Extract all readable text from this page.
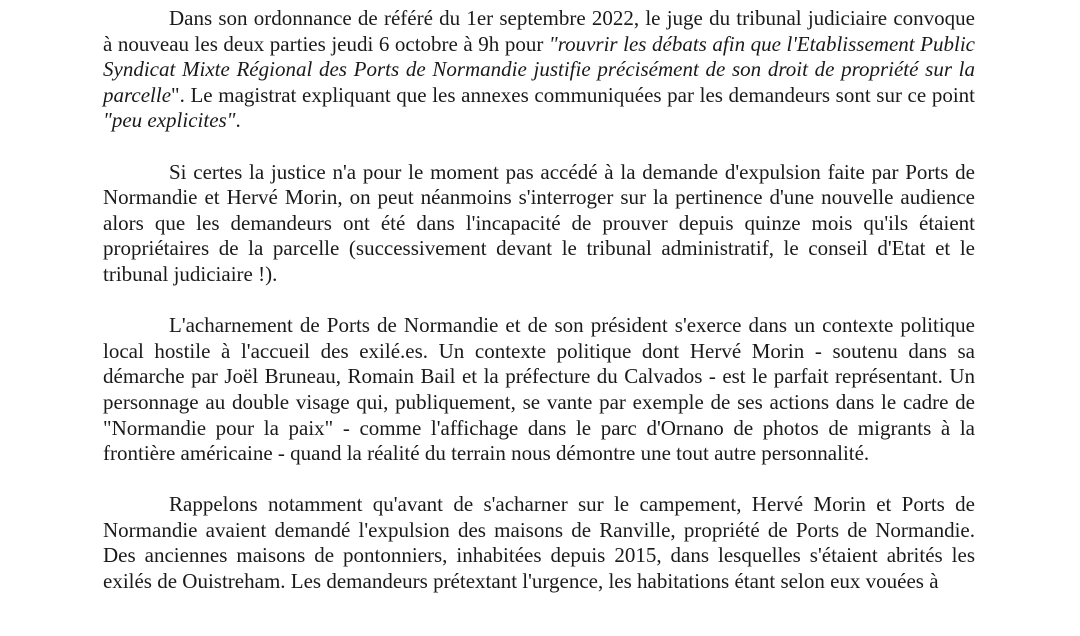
Dans son ordonnance de référé du 1er septembre 2022, le juge du tribunal judiciaire convoque à nouveau les deux parties jeudi 6 octobre à 9h pour "rouvrir les débats afin que l'Etablissement Public Syndicat Mixte Régional des Ports de Normandie justifie précisément de son droit de propriété sur la parcelle". Le magistrat expliquant que les annexes communiquées par les demandeurs sont sur ce point "peu explicites".

Si certes la justice n'a pour le moment pas accédé à la demande d'expulsion faite par Ports de Normandie et Hervé Morin, on peut néanmoins s'interroger sur la pertinence d'une nouvelle audience alors que les demandeurs ont été dans l'incapacité de prouver depuis quinze mois qu'ils étaient propriétaires de la parcelle (successivement devant le tribunal administratif, le conseil d'Etat et le tribunal judiciaire !).

L'acharnement de Ports de Normandie et de son président s'exerce dans un contexte politique local hostile à l'accueil des exilé.es. Un contexte politique dont Hervé Morin - soutenu dans sa démarche par Joël Bruneau, Romain Bail et la préfecture du Calvados - est le parfait représentant. Un personnage au double visage qui, publiquement, se vante par exemple de ses actions dans le cadre de "Normandie pour la paix" - comme l'affichage dans le parc d'Ornano de photos de migrants à la frontière américaine - quand la réalité du terrain nous démontre une tout autre personnalité.

Rappelons notamment qu'avant de s'acharner sur le campement, Hervé Morin et Ports de Normandie avaient demandé l'expulsion des maisons de Ranville, propriété de Ports de Normandie. Des anciennes maisons de pontonniers, inhabitées depuis 2015, dans lesquelles s'étaient abrités les exilés de Ouistreham. Les demandeurs prétextant l'urgence, les habitations étant selon eux vouées à
